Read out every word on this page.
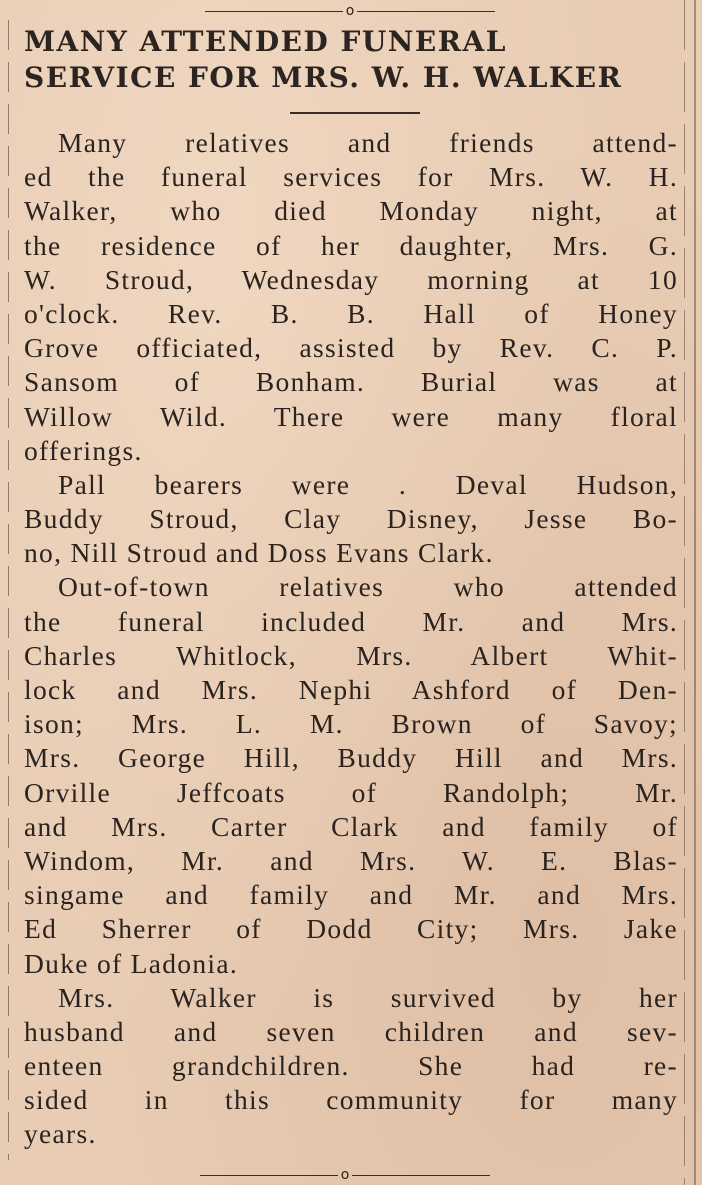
o
MANY ATTENDED FUNERAL
SERVICE FOR MRS. W. H. WALKER
Many relatives and friends attend-
ed the funeral services for Mrs. W. H.
Walker, who died Monday night, at
the residence of her daughter, Mrs. G.
W. Stroud, Wednesday morning at 10
o'clock. Rev. B. B. Hall of Honey
Grove officiated, assisted by Rev. C. P.
Sansom of Bonham. Burial was at
Willow Wild. There were many floral
offerings.
Pall bearers were . Deval Hudson,
Buddy Stroud, Clay Disney, Jesse Bo-
no, Nill Stroud and Doss Evans Clark.
Out-of-town relatives who attended
the funeral included Mr. and Mrs.
Charles Whitlock, Mrs. Albert Whit-
lock and Mrs. Nephi Ashford of Den-
ison; Mrs. L. M. Brown of Savoy;
Mrs. George Hill, Buddy Hill and Mrs.
Orville Jeffcoats of Randolph; Mr.
and Mrs. Carter Clark and family of
Windom, Mr. and Mrs. W. E. Blas-
singame and family and Mr. and Mrs.
Ed Sherrer of Dodd City; Mrs. Jake
Duke of Ladonia.
Mrs. Walker is survived by her
husband and seven children and sev-
enteen grandchildren. She had re-
sided in this community for many
years.
o
